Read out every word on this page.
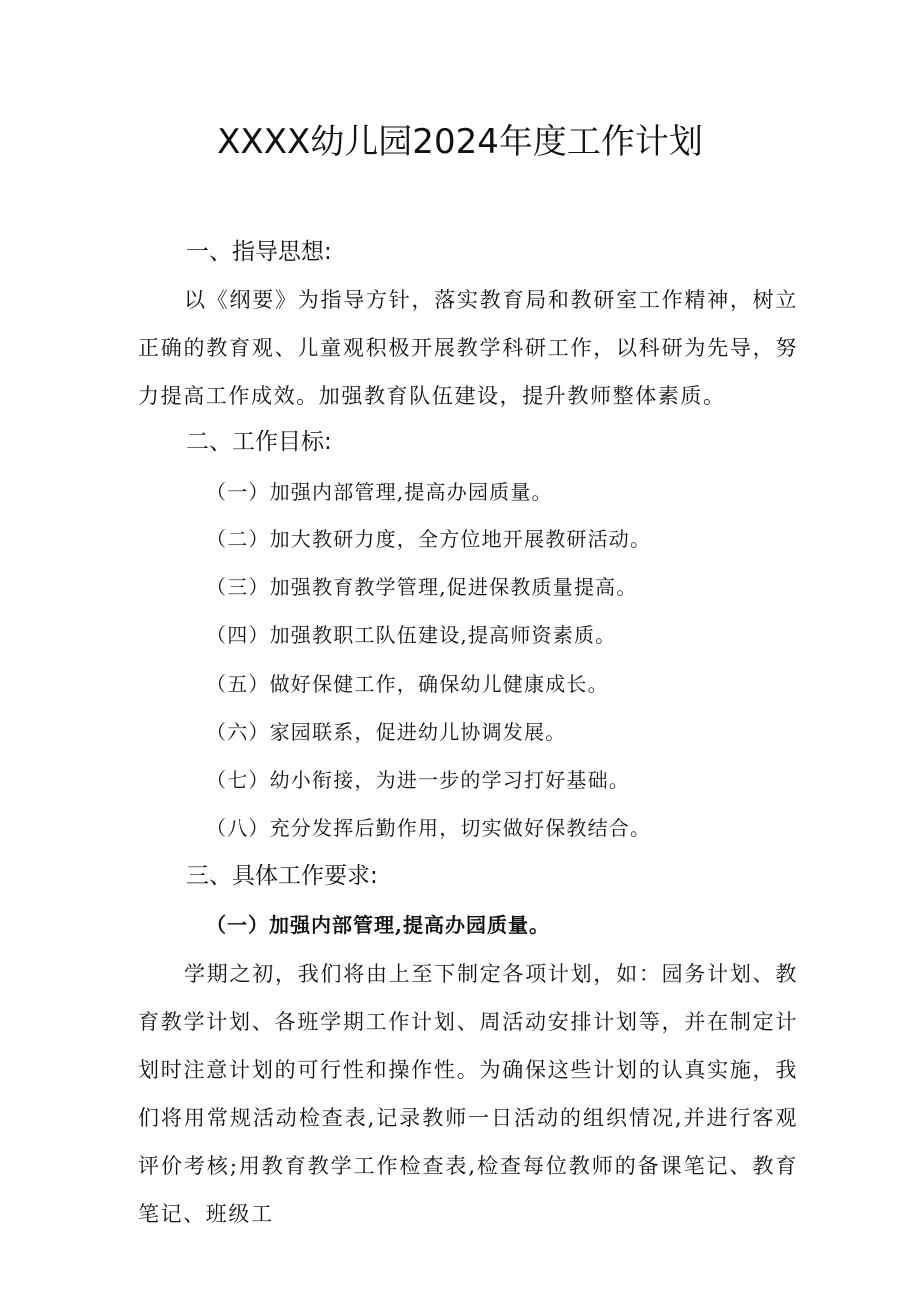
XXXX幼儿园2024年度工作计划
一、指导思想:
以《纲要》为指导方针，落实教育局和教研室工作精神，树立正确的教育观、儿童观积极开展教学科研工作，以科研为先导，努力提高工作成效。加强教育队伍建设，提升教师整体素质。
二、工作目标:
（一）加强内部管理,提高办园质量。
（二）加大教研力度，全方位地开展教研活动。
（三）加强教育教学管理,促进保教质量提高。
（四）加强教职工队伍建设,提高师资素质。
（五）做好保健工作，确保幼儿健康成长。
（六）家园联系，促进幼儿协调发展。
（七）幼小衔接，为进一步的学习打好基础。
（八）充分发挥后勤作用，切实做好保教结合。
三、具体工作要求:
（一）加强内部管理,提高办园质量。
学期之初，我们将由上至下制定各项计划，如：园务计划、教育教学计划、各班学期工作计划、周活动安排计划等，并在制定计划时注意计划的可行性和操作性。为确保这些计划的认真实施，我们将用常规活动检查表,记录教师一日活动的组织情况,并进行客观评价考核;用教育教学工作检查表,检查每位教师的备课笔记、教育笔记、班级工
